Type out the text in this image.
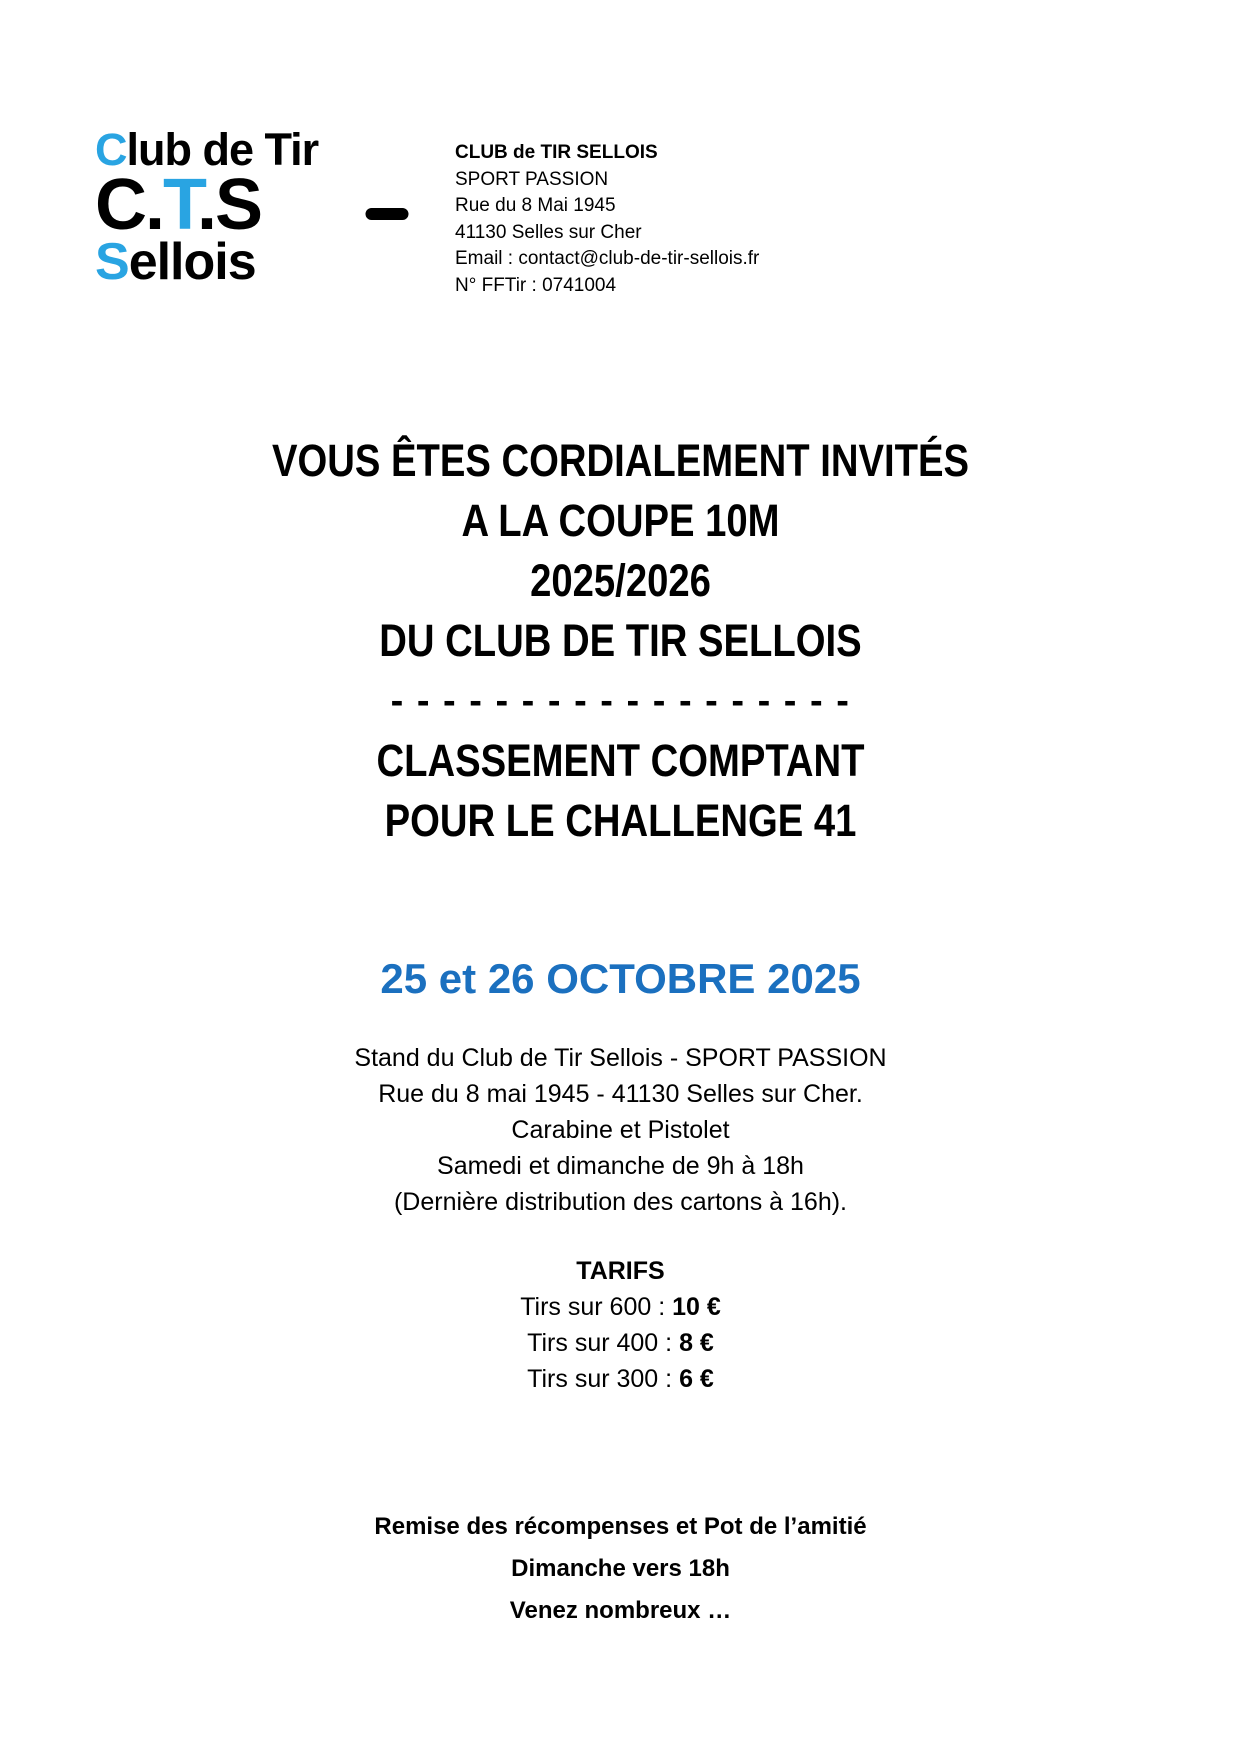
Club de Tir
C.T.S
Sellois
CLUB de TIR SELLOIS
SPORT PASSION
Rue du 8 Mai 1945
41130 Selles sur Cher
Email : contact@club-de-tir-sellois.fr
N° FFTir : 0741004
VOUS ÊTES CORDIALEMENT INVITÉS
A LA COUPE 10M
2025/2026
DU CLUB DE TIR SELLOIS
- - - - - - - - - - - - - - - - - -
CLASSEMENT COMPTANT
POUR LE CHALLENGE 41
25 et 26 OCTOBRE 2025
Stand du Club de Tir Sellois - SPORT PASSION
Rue du 8 mai 1945 - 41130 Selles sur Cher.
Carabine et Pistolet
Samedi et dimanche de 9h à 18h
(Dernière distribution des cartons à 16h).
TARIFS
Tirs sur 600 : 10 €
Tirs sur 400 : 8 €
Tirs sur 300 : 6 €
Remise des récompenses et Pot de l’amitié
Dimanche vers 18h
Venez nombreux …
